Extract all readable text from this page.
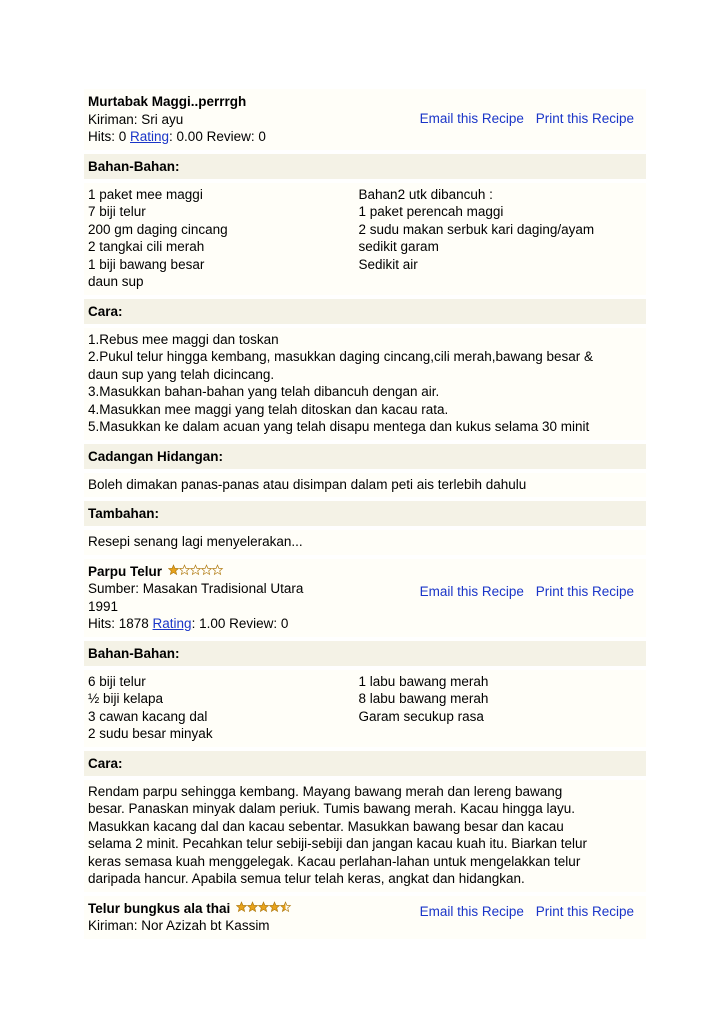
Murtabak Maggi..perrrgh
Kiriman: Sri ayu
Hits: 0 Rating: 0.00 Review: 0
Email this Recipe Print this Recipe
Bahan-Bahan:
1 paket mee maggi
7 biji telur
200 gm daging cincang
2 tangkai cili merah
1 biji bawang besar
daun sup
Bahan2 utk dibancuh :
1 paket perencah maggi
2 sudu makan serbuk kari daging/ayam
sedikit garam
Sedikit air
Cara:
1.Rebus mee maggi dan toskan
2.Pukul telur hingga kembang, masukkan daging cincang,cili merah,bawang besar &
daun sup yang telah dicincang.
3.Masukkan bahan-bahan yang telah dibancuh dengan air.
4.Masukkan mee maggi yang telah ditoskan dan kacau rata.
5.Masukkan ke dalam acuan yang telah disapu mentega dan kukus selama 30 minit
Cadangan Hidangan:
Boleh dimakan panas-panas atau disimpan dalam peti ais terlebih dahulu
Tambahan:
Resepi senang lagi menyelerakan...
Parpu Telur
Sumber: Masakan Tradisional Utara
1991
Hits: 1878 Rating: 1.00 Review: 0
Email this Recipe Print this Recipe
Bahan-Bahan:
6 biji telur
½ biji kelapa
3 cawan kacang dal
2 sudu besar minyak
1 labu bawang merah
8 labu bawang merah
Garam secukup rasa
Cara:
Rendam parpu sehingga kembang. Mayang bawang merah dan lereng bawang
besar. Panaskan minyak dalam periuk. Tumis bawang merah. Kacau hingga layu.
Masukkan kacang dal dan kacau sebentar. Masukkan bawang besar dan kacau
selama 2 minit. Pecahkan telur sebiji-sebiji dan jangan kacau kuah itu. Biarkan telur
keras semasa kuah menggelegak. Kacau perlahan-lahan untuk mengelakkan telur
daripada hancur. Apabila semua telur telah keras, angkat dan hidangkan.
Telur bungkus ala thai
Kiriman: Nor Azizah bt Kassim
Email this Recipe Print this Recipe
